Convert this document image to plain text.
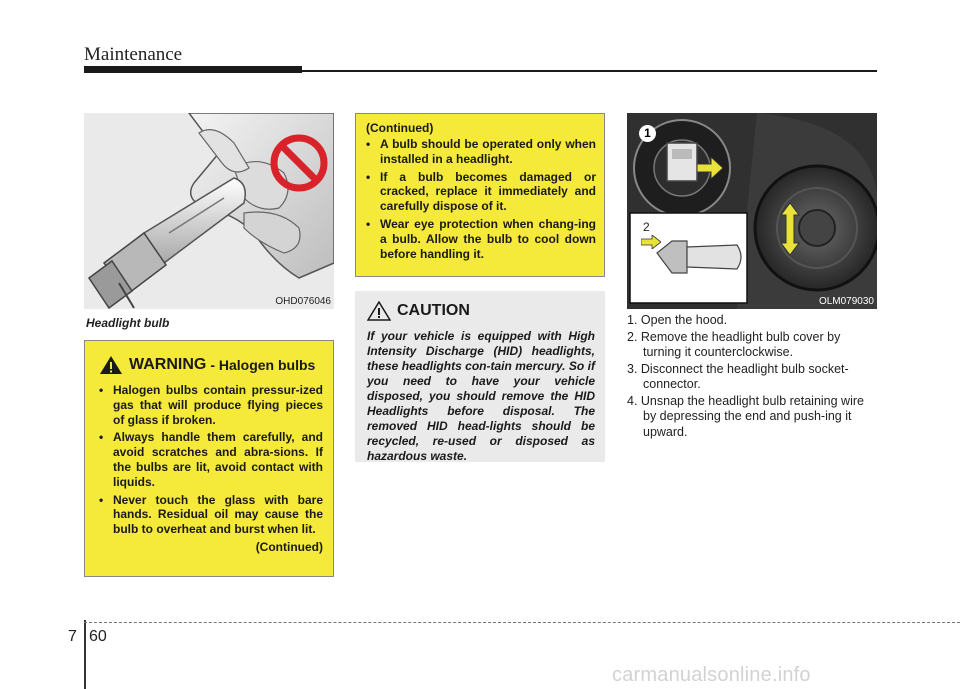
Maintenance
OHD076046
Headlight bulb
WARNING - Halogen bulbs
• Halogen bulbs contain pressur-ized gas that will produce flying pieces of glass if broken.
• Always handle them carefully, and avoid scratches and abra-sions. If the bulbs are lit, avoid contact with liquids.
• Never touch the glass with bare hands. Residual oil may cause the bulb to overheat and burst when lit.
(Continued)
(Continued)
• A bulb should be operated only when installed in a headlight.
• If a bulb becomes damaged or cracked, replace it immediately and carefully dispose of it.
• Wear eye protection when chang-ing a bulb. Allow the bulb to cool down before handling it.
CAUTION
If your vehicle is equipped with High Intensity Discharge (HID) headlights, these headlights con-tain mercury. So if you need to have your vehicle disposed, you should remove the HID Headlights before disposal. The removed HID head-lights should be recycled, re-used or disposed as hazardous waste.
1
2
OLM079030
1. Open the hood.
2. Remove the headlight bulb cover by turning it counterclockwise.
3. Disconnect the headlight bulb socket-connector.
4. Unsnap the headlight bulb retaining wire by depressing the end and push-ing it upward.
7 60
carmanualsonline.info
